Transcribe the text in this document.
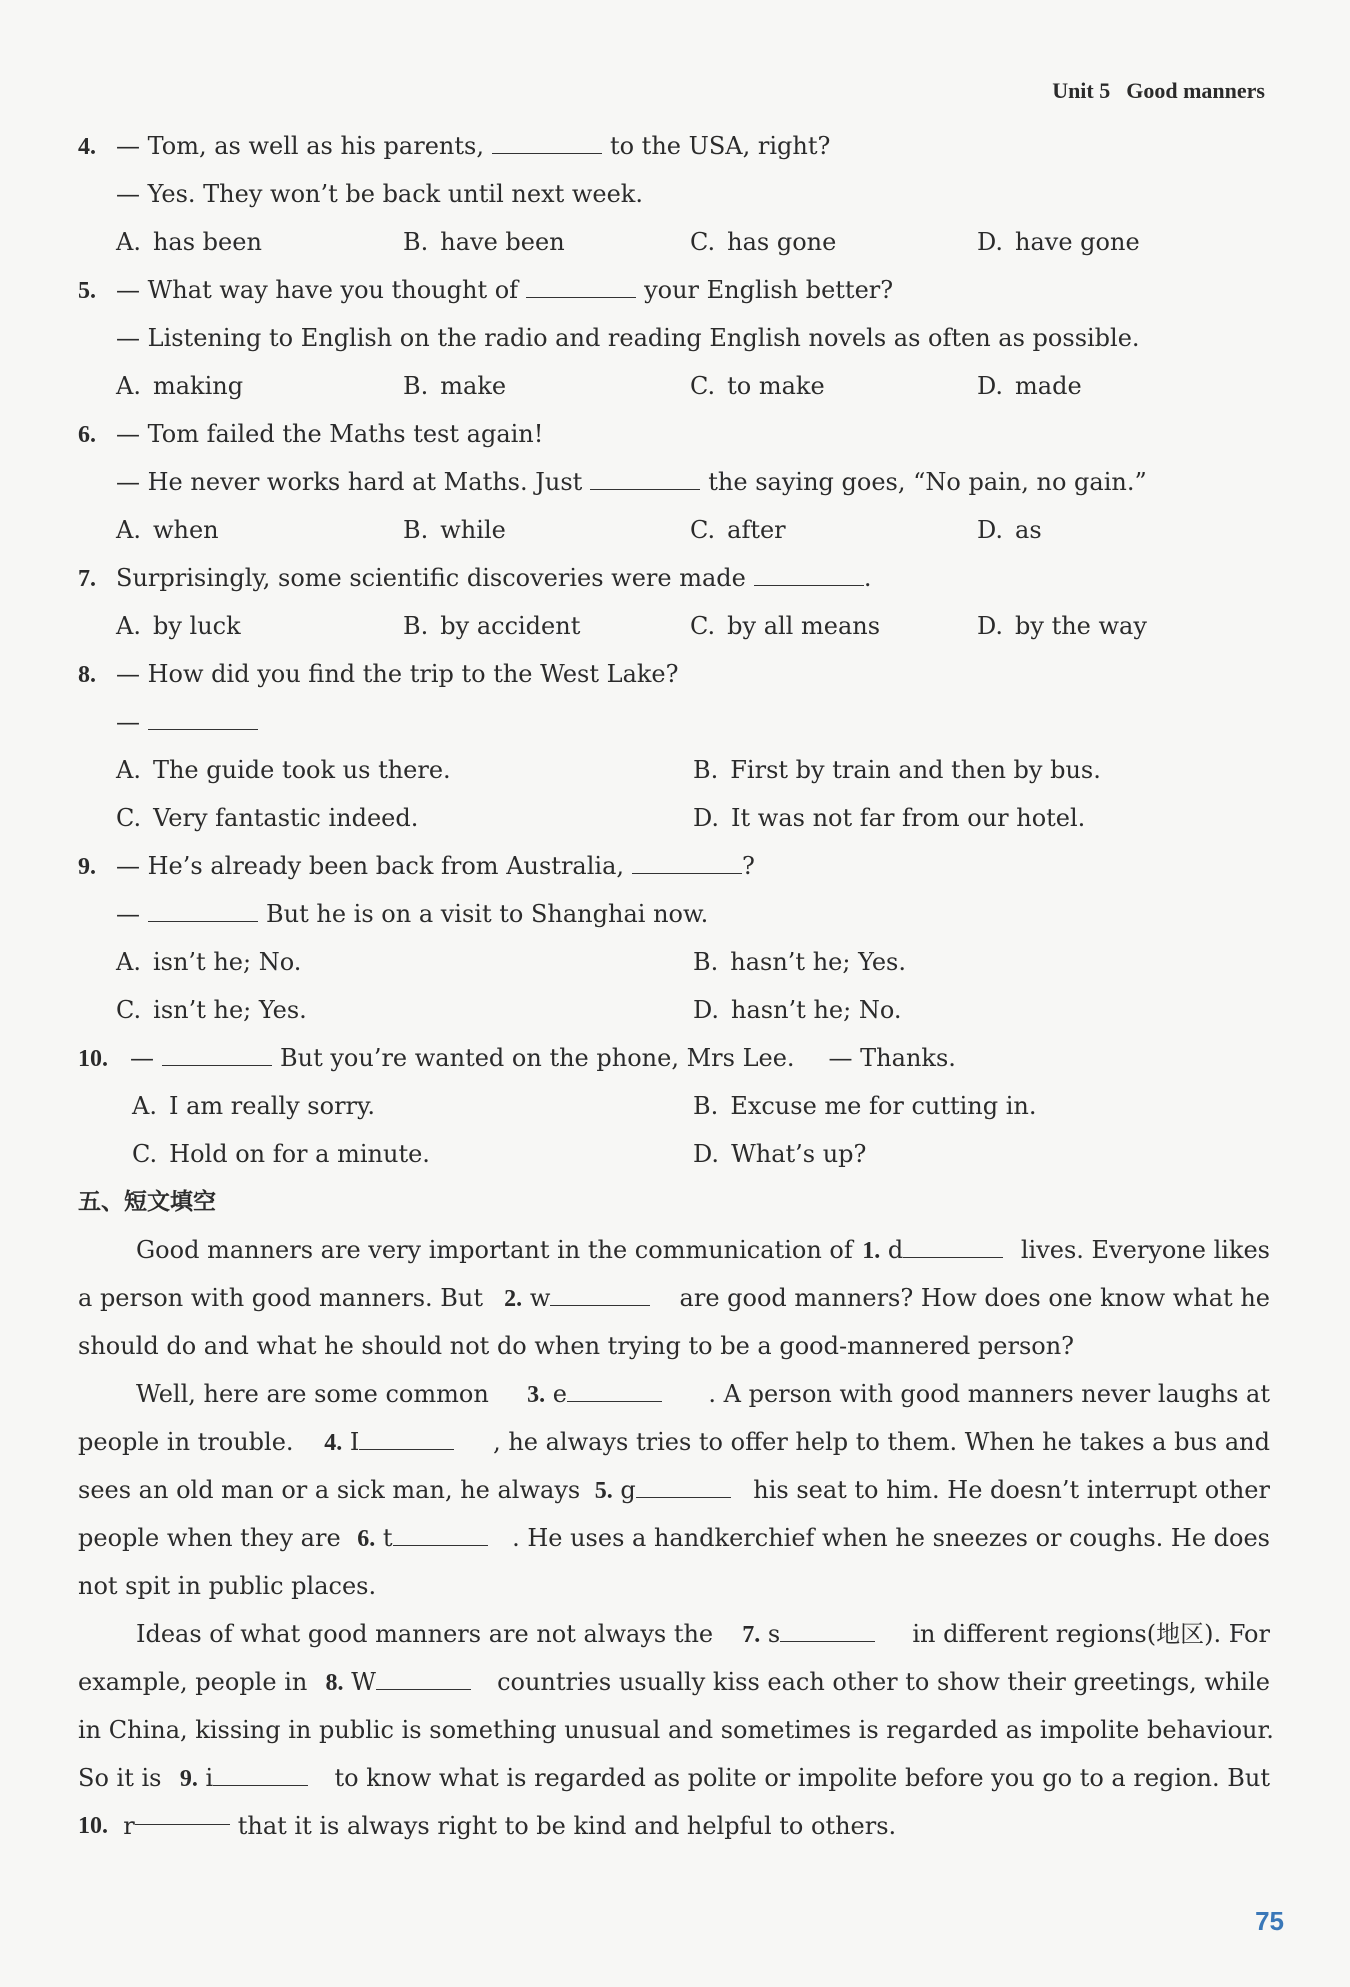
Unit 5 Good manners
4. — Tom, as well as his parents,	to the USA, right?
— Yes. They won’t be back until next week.
A. has been	B. have been	C. has gone	D. have gone
5. — What way have you thought of	your English better?
— Listening to English on the radio and reading English novels as often as possible.
A. making	B. make	C. to make	D. made
6. — Tom failed the Maths test again!
— He never works hard at Maths. Just	the saying goes, “No pain, no gain.”
A. when	B. while	C. after	D. as
7. Surprisingly, some scientific discoveries were made	.
A. by luck	B. by accident	C. by all means	D. by the way
8. — How did you find the trip to the West Lake?
—
A. The guide took us there.	B. First by train and then by bus.
C. Very fantastic indeed.	D. It was not far from our hotel.
9. — He’s already been back from Australia,	?
—	But he is on a visit to Shanghai now.
A. isn’t he; No.	B. hasn’t he; Yes.
C. isn’t he; Yes.	D. hasn’t he; No.
10. —	But you’re wanted on the phone, Mrs Lee. — Thanks.
A. I am really sorry.	B. Excuse me for cutting in.
C. Hold on for a minute.	D. What’s up?
五、短文填空
Good manners are very important in the communication of 1. d	lives. Everyone likes
a person with good manners. But 2. w	are good manners? How does one know what he
should do and what he should not do when trying to be a good-mannered person?
Well, here are some common 3. e	. A person with good manners never laughs at
people in trouble. 4. I	, he always tries to offer help to them. When he takes a bus and
sees an old man or a sick man, he always 5. g	his seat to him. He doesn’t interrupt other
people when they are 6. t	. He uses a handkerchief when he sneezes or coughs. He does
not spit in public places.
Ideas of what good manners are not always the 7. s	in different regions(地区). For
example, people in 8. W	countries usually kiss each other to show their greetings, while
in China, kissing in public is something unusual and sometimes is regarded as impolite behaviour.
So it is 9. i	to know what is regarded as polite or impolite before you go to a region. But
10.
r	that it is always right to be kind and helpful to others.
75
